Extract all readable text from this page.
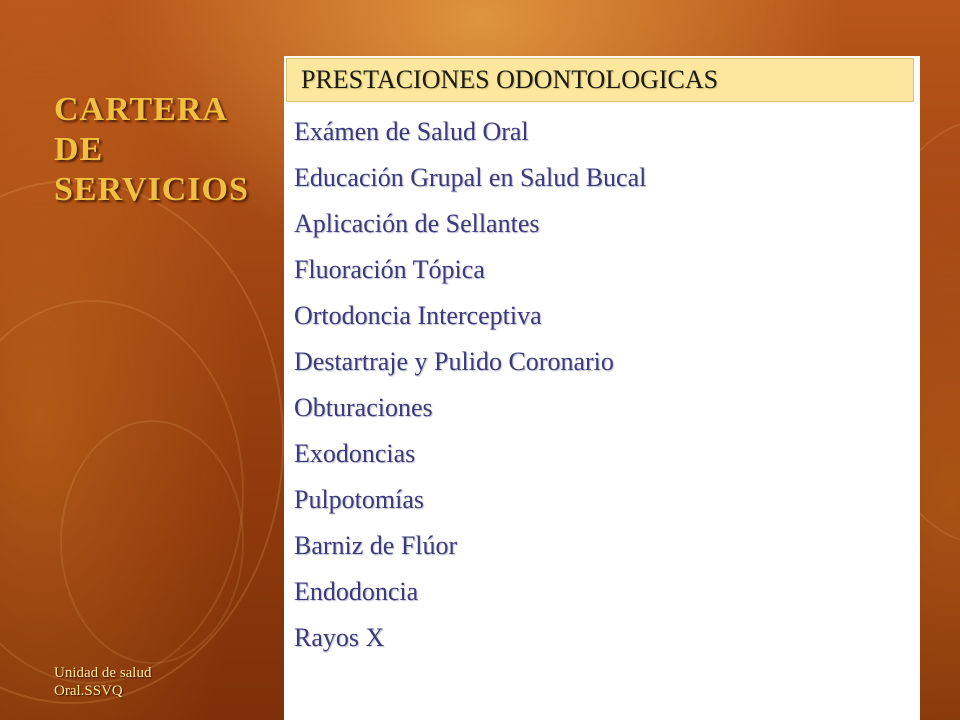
CARTERA
DE
SERVICIOS
PRESTACIONES ODONTOLOGICAS
Exámen de Salud Oral
Educación Grupal en Salud Bucal
Aplicación de Sellantes
Fluoración Tópica
Ortodoncia Interceptiva
Destartraje y Pulido Coronario
Obturaciones
Exodoncias
Pulpotomías
Barniz de Flúor
Endodoncia
Rayos X
Unidad de salud
Oral.SSVQ
